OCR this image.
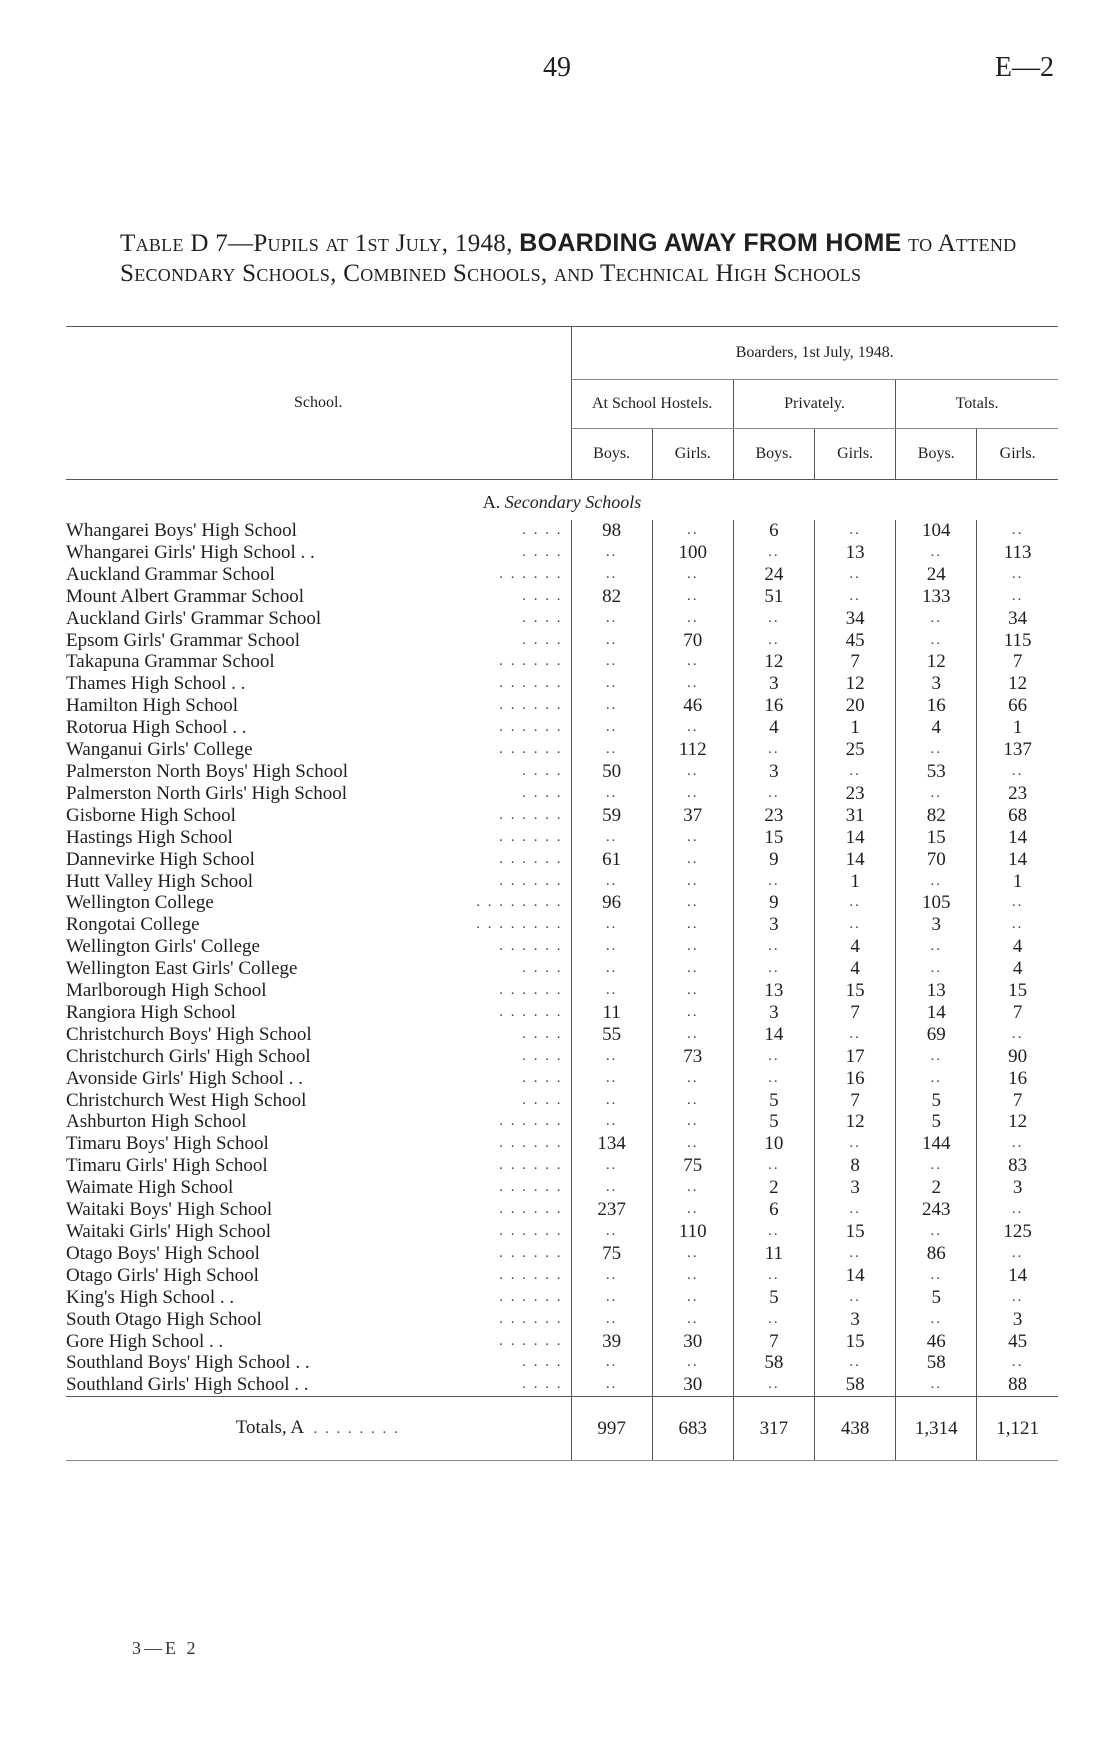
49	E—2
Table D 7—Pupils at 1st July, 1948, BOARDING AWAY FROM HOME to Attend Secondary Schools, Combined Schools, and Technical High Schools

School.	Boarders, 1st July, 1948.					
	At School Hostels.		Privately.		Totals.	
	Boys.	Girls.	Boys.	Girls.	Boys.	Girls.

A. Secondary Schools						
Whangarei Boys' High School . . . .	98	..	6	..	104	..
Whangarei Girls' High School . . . . . .	..	100	..	13	..	113
Auckland Grammar School . . . . . .	..	..	24	..	24	..
Mount Albert Grammar School . . . .	82	..	51	..	133	..
Auckland Girls' Grammar School . . . .	..	..	..	34	..	34
Epsom Girls' Grammar School . . . .	..	70	..	45	..	115
Takapuna Grammar School . . . . . .	..	..	12	7	12	7
Thames High School . . . . . . . .	..	..	3	12	3	12
Hamilton High School . . . . . .	..	46	16	20	16	66
Rotorua High School . . . . . . . .	..	..	4	1	4	1
Wanganui Girls' College . . . . . .	..	112	..	25	..	137
Palmerston North Boys' High School . . . .	50	..	3	..	53	..
Palmerston North Girls' High School . . . .	..	..	..	23	..	23
Gisborne High School . . . . . .	59	37	23	31	82	68
Hastings High School . . . . . .	..	..	15	14	15	14
Dannevirke High School . . . . . .	61	..	9	14	70	14
Hutt Valley High School . . . . . .	..	..	..	1	..	1
Wellington College . . . . . . . .	96	..	9	..	105	..
Rongotai College . . . . . . . .	..	..	3	..	3	..
Wellington Girls' College . . . . . .	..	..	..	4	..	4
Wellington East Girls' College . . . .	..	..	..	4	..	4
Marlborough High School . . . . . .	..	..	13	15	13	15
Rangiora High School . . . . . .	11	..	3	7	14	7
Christchurch Boys' High School . . . .	55	..	14	..	69	..
Christchurch Girls' High School . . . .	..	73	..	17	..	90
Avonside Girls' High School . . . . . .	..	..	..	16	..	16
Christchurch West High School . . . .	..	..	5	7	5	7
Ashburton High School . . . . . .	..	..	5	12	5	12
Timaru Boys' High School . . . . . .	134	..	10	..	144	..
Timaru Girls' High School . . . . . .	..	75	..	8	..	83
Waimate High School . . . . . .	..	..	2	3	2	3
Waitaki Boys' High School . . . . . .	237	..	6	..	243	..
Waitaki Girls' High School . . . . . .	..	110	..	15	..	125
Otago Boys' High School . . . . . .	75	..	11	..	86	..
Otago Girls' High School . . . . . .	..	..	..	14	..	14
King's High School . . . . . . . .	..	..	5	..	5	..
South Otago High School . . . . . .	..	..	..	3	..	3
Gore High School . . . . . . . .	39	30	7	15	46	45
Southland Boys' High School . . . . . .	..	..	58	..	58	..
Southland Girls' High School . . . . . .	..	30	..	58	..	88
Totals, A . . . . . . . .	997	683	317	438	1,314	1,121
3—E 2
